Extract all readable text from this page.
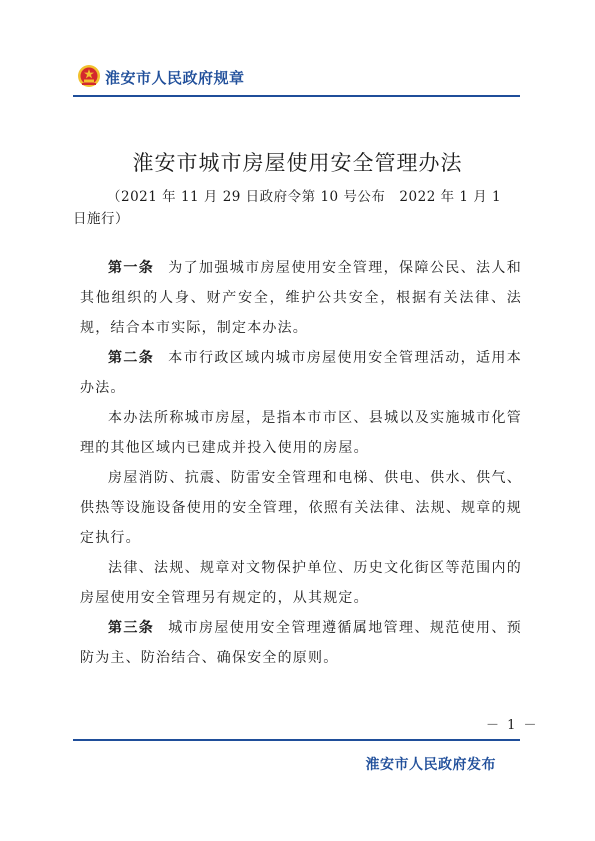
淮安市人民政府规章
淮安市城市房屋使用安全管理办法
（2021 年 11 月 29 日政府令第 10 号公布　2022 年 1 月 1
日施行）

第一条 为了加强城市房屋使用安全管理，保障公民、法人和其他组织的人身、财产安全，维护公共安全，根据有关法律、法规，结合本市实际，制定本办法。

第二条 本市行政区域内城市房屋使用安全管理活动，适用本办法。

本办法所称城市房屋，是指本市市区、县城以及实施城市化管理的其他区域内已建成并投入使用的房屋。

房屋消防、抗震、防雷安全管理和电梯、供电、供水、供气、供热等设施设备使用的安全管理，依照有关法律、法规、规章的规定执行。

法律、法规、规章对文物保护单位、历史文化街区等范围内的房屋使用安全管理另有规定的，从其规定。

第三条 城市房屋使用安全管理遵循属地管理、规范使用、预防为主、防治结合、确保安全的原则。

－ 1 －
淮安市人民政府发布
